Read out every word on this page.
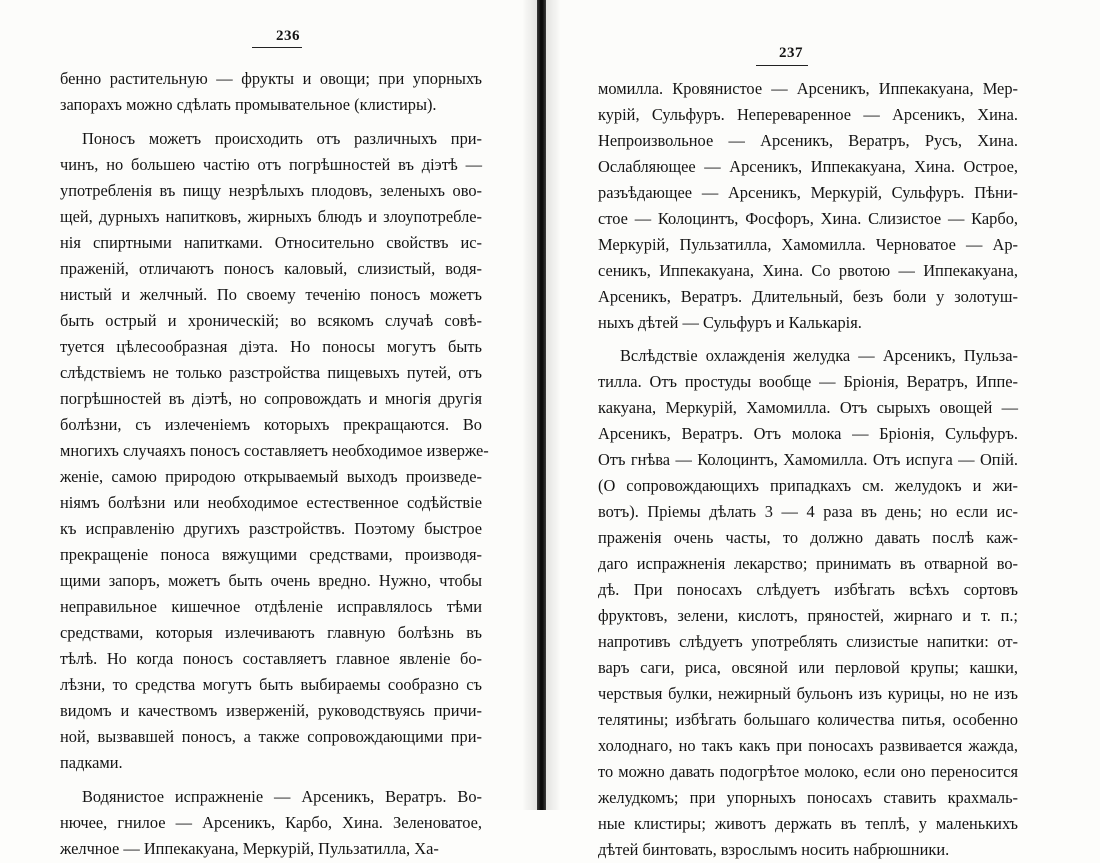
236
бенно растительную — фрукты и овощи; при упорныхъ
запорахъ можно сдѣлать промывательное (клистиры).
Поносъ можетъ происходить отъ различныхъ при-
чинъ, но большею частію отъ погрѣшностей въ діэтѣ —
употребленія въ пищу незрѣлыхъ плодовъ, зеленыхъ ово-
щей, дурныхъ напитковъ, жирныхъ блюдъ и злоупотребле-
нія спиртными напитками. Относительно свойствъ ис-
праженій, отличаютъ поносъ каловый, слизистый, водя-
нистый и желчный. По своему теченію поносъ можетъ
быть острый и хроническій; во всякомъ случаѣ совѣ-
туется цѣлесообразная діэта. Но поносы могутъ быть
слѣдствіемъ не только разстройства пищевыхъ путей, отъ
погрѣшностей въ діэтѣ, но сопровождать и многія другія
болѣзни, съ излеченіемъ которыхъ прекращаются. Во
многихъ случаяхъ поносъ составляетъ необходимое изверже-
женіе, самою природою открываемый выходъ произведе-
ніямъ болѣзни или необходимое естественное содѣйствіе
къ исправленію другихъ разстройствъ. Поэтому быстрое
прекращеніе поноса вяжущими средствами, производя-
щими запоръ, можетъ быть очень вредно. Нужно, чтобы
неправильное кишечное отдѣленіе исправлялось тѣми
средствами, которыя излечиваютъ главную болѣзнь въ
тѣлѣ. Но когда поносъ составляетъ главное явленіе бо-
лѣзни, то средства могутъ быть выбираемы сообразно съ
видомъ и качествомъ изверженій, руководствуясь причи-
ной, вызвавшей поносъ, а также сопровождающими при-
падками.
Водянистое испражненіе — Арсеникъ, Вератръ. Во-
нючее, гнилое — Арсеникъ, Карбо, Хина. Зеленоватое,
желчное — Иппекакуана, Меркурій, Пульзатилла, Ха-
237
момилла. Кровянистое — Арсеникъ, Иппекакуана, Мер-
курій, Сульфуръ. Непереваренное — Арсеникъ, Хина.
Непроизвольное — Арсеникъ, Вератръ, Русъ, Хина.
Ослабляющее — Арсеникъ, Иппекакуана, Хина. Острое,
разъѣдающее — Арсеникъ, Меркурій, Сульфуръ. Пѣни-
стое — Колоцинтъ, Фосфоръ, Хина. Слизистое — Карбо,
Меркурій, Пульзатилла, Хамомилла. Черноватое — Ар-
сеникъ, Иппекакуана, Хина. Со рвотою — Иппекакуана,
Арсеникъ, Вератръ. Длительный, безъ боли у золотуш-
ныхъ дѣтей — Сульфуръ и Калькарія.
Вслѣдствіе охлажденія желудка — Арсеникъ, Пульза-
тилла. Отъ простуды вообще — Бріонія, Вератръ, Иппе-
какуана, Меркурій, Хамомилла. Отъ сырыхъ овощей —
Арсеникъ, Вератръ. Отъ молока — Бріонія, Сульфуръ.
Отъ гнѣва — Колоцинтъ, Хамомилла. Отъ испуга — Опій.
(О сопровождающихъ припадкахъ см. желудокъ и жи-
вотъ). Пріемы дѣлать 3 — 4 раза въ день; но если ис-
праженія очень часты, то должно давать послѣ каж-
даго испражненія лекарство; принимать въ отварной во-
дѣ. При поносахъ слѣдуетъ избѣгать всѣхъ сортовъ
фруктовъ, зелени, кислотъ, пряностей, жирнаго и т. п.;
напротивъ слѣдуетъ употреблять слизистые напитки: от-
варъ саги, риса, овсяной или перловой крупы; кашки,
черствыя булки, нежирный бульонъ изъ курицы, но не изъ
телятины; избѣгать большаго количества питья, особенно
холоднаго, но такъ какъ при поносахъ развивается жажда,
то можно давать подогрѣтое молоко, если оно переносится
желудкомъ; при упорныхъ поносахъ ставить крахмаль-
ные клистиры; животъ держать въ теплѣ, у маленькихъ
дѣтей бинтовать, взрослымъ носить набрюшники.
